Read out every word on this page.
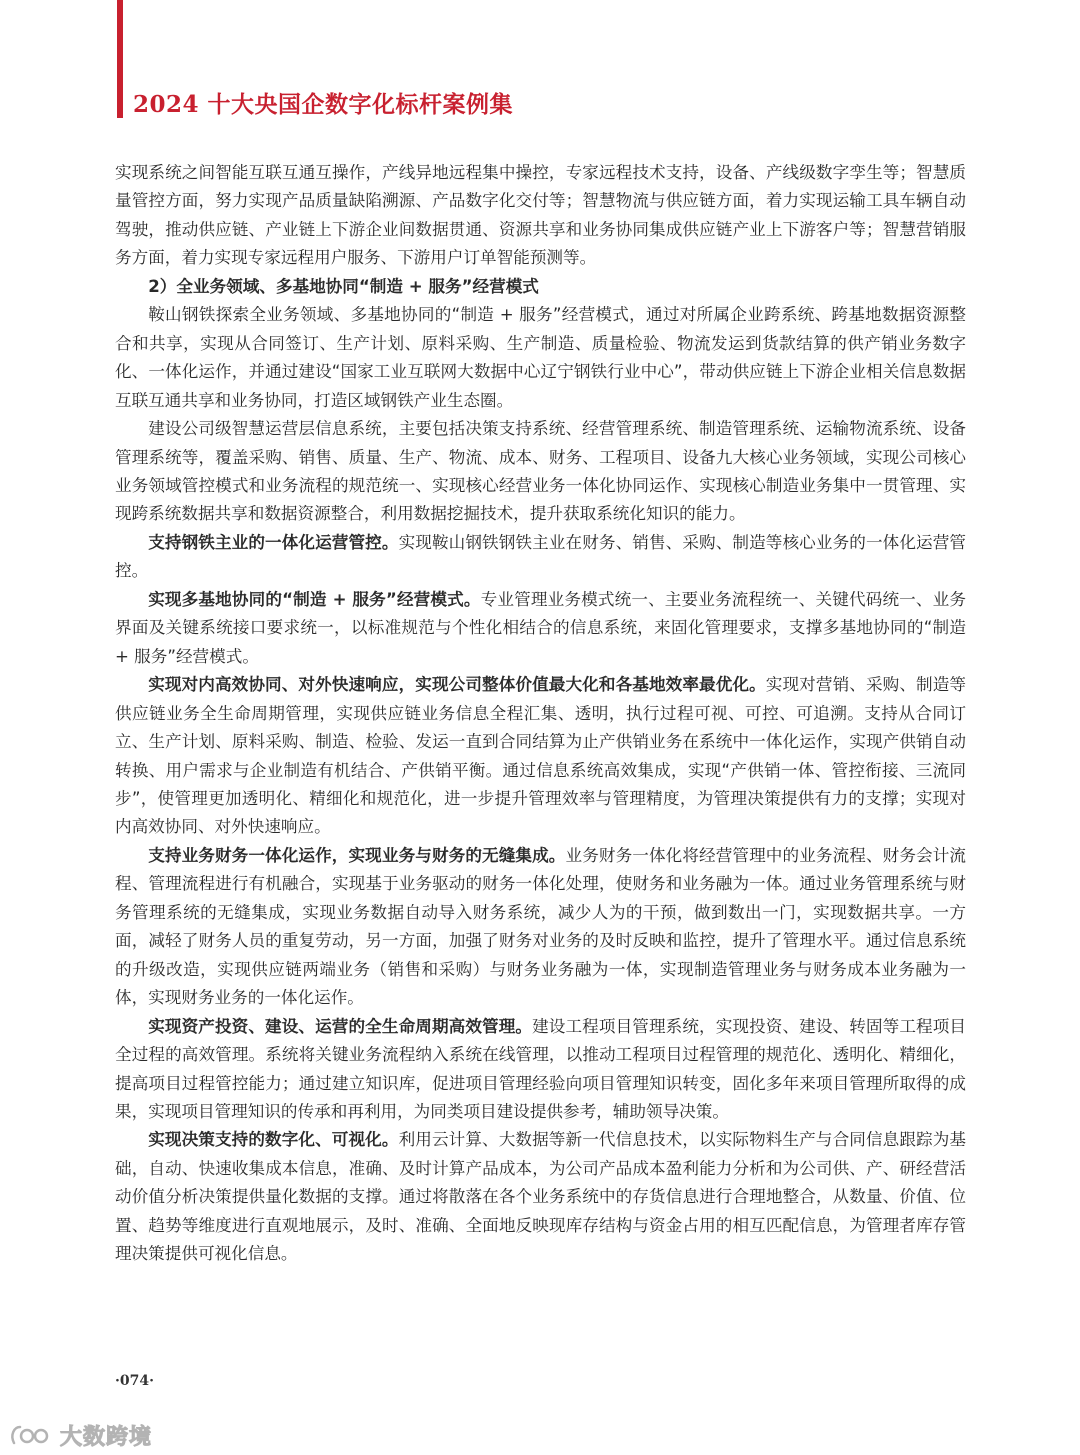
2024 十大央国企数字化标杆案例集

实现系统之间智能互联互通互操作，产线异地远程集中操控，专家远程技术支持，设备、产线级数字孪生等；智慧质量管控方面，努力实现产品质量缺陷溯源、产品数字化交付等；智慧物流与供应链方面，着力实现运输工具车辆自动驾驶，推动供应链、产业链上下游企业间数据贯通、资源共享和业务协同集成供应链产业上下游客户等；智慧营销服务方面，着力实现专家远程用户服务、下游用户订单智能预测等。

2）全业务领域、多基地协同“制造 + 服务”经营模式

鞍山钢铁探索全业务领域、多基地协同的“制造 + 服务”经营模式，通过对所属企业跨系统、跨基地数据资源整合和共享，实现从合同签订、生产计划、原料采购、生产制造、质量检验、物流发运到货款结算的供产销业务数字化、一体化运作，并通过建设“国家工业互联网大数据中心辽宁钢铁行业中心”，带动供应链上下游企业相关信息数据互联互通共享和业务协同，打造区域钢铁产业生态圈。

建设公司级智慧运营层信息系统，主要包括决策支持系统、经营管理系统、制造管理系统、运输物流系统、设备管理系统等，覆盖采购、销售、质量、生产、物流、成本、财务、工程项目、设备九大核心业务领域，实现公司核心业务领域管控模式和业务流程的规范统一、实现核心经营业务一体化协同运作、实现核心制造业务集中一贯管理、实现跨系统数据共享和数据资源整合，利用数据挖掘技术，提升获取系统化知识的能力。

支持钢铁主业的一体化运营管控。实现鞍山钢铁钢铁主业在财务、销售、采购、制造等核心业务的一体化运营管控。

实现多基地协同的“制造 + 服务”经营模式。专业管理业务模式统一、主要业务流程统一、关键代码统一、业务界面及关键系统接口要求统一，以标准规范与个性化相结合的信息系统，来固化管理要求，支撑多基地协同的“制造 + 服务”经营模式。

实现对内高效协同、对外快速响应，实现公司整体价值最大化和各基地效率最优化。实现对营销、采购、制造等供应链业务全生命周期管理，实现供应链业务信息全程汇集、透明，执行过程可视、可控、可追溯。支持从合同订立、生产计划、原料采购、制造、检验、发运一直到合同结算为止产供销业务在系统中一体化运作，实现产供销自动转换、用户需求与企业制造有机结合、产供销平衡。通过信息系统高效集成，实现“产供销一体、管控衔接、三流同步”，使管理更加透明化、精细化和规范化，进一步提升管理效率与管理精度，为管理决策提供有力的支撑；实现对内高效协同、对外快速响应。

支持业务财务一体化运作，实现业务与财务的无缝集成。业务财务一体化将经营管理中的业务流程、财务会计流程、管理流程进行有机融合，实现基于业务驱动的财务一体化处理，使财务和业务融为一体。通过业务管理系统与财务管理系统的无缝集成，实现业务数据自动导入财务系统，减少人为的干预，做到数出一门，实现数据共享。一方面，减轻了财务人员的重复劳动，另一方面，加强了财务对业务的及时反映和监控，提升了管理水平。通过信息系统的升级改造，实现供应链两端业务（销售和采购）与财务业务融为一体，实现制造管理业务与财务成本业务融为一体，实现财务业务的一体化运作。

实现资产投资、建设、运营的全生命周期高效管理。建设工程项目管理系统，实现投资、建设、转固等工程项目全过程的高效管理。系统将关键业务流程纳入系统在线管理，以推动工程项目过程管理的规范化、透明化、精细化，提高项目过程管控能力；通过建立知识库，促进项目管理经验向项目管理知识转变，固化多年来项目管理所取得的成果，实现项目管理知识的传承和再利用，为同类项目建设提供参考，辅助领导决策。

实现决策支持的数字化、可视化。利用云计算、大数据等新一代信息技术，以实际物料生产与合同信息跟踪为基础，自动、快速收集成本信息，准确、及时计算产品成本，为公司产品成本盈利能力分析和为公司供、产、研经营活动价值分析决策提供量化数据的支撑。通过将散落在各个业务系统中的存货信息进行合理地整合，从数量、价值、位置、趋势等维度进行直观地展示，及时、准确、全面地反映现库存结构与资金占用的相互匹配信息，为管理者库存管理决策提供可视化信息。

·074·
大数跨境
